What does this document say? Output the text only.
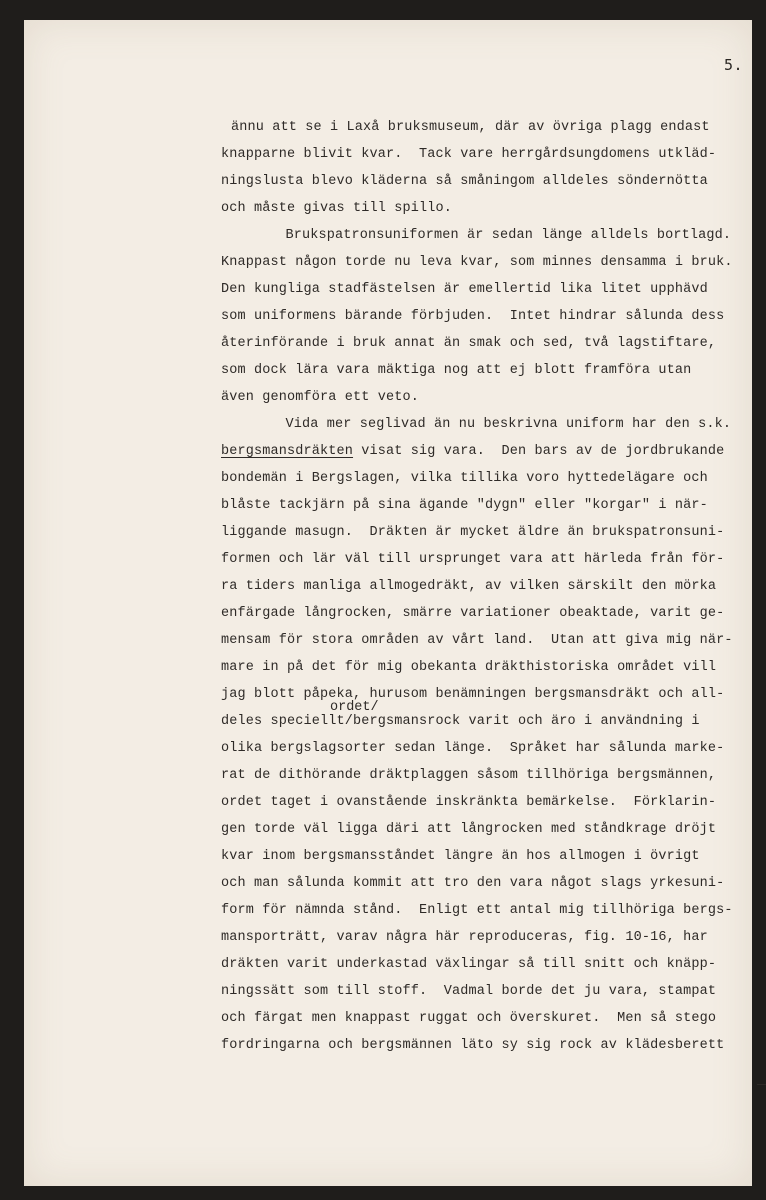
5.
ännu att se i Laxå bruksmuseum, där av övriga plagg endast
knapparne blivit kvar.  Tack vare herrgårdsungdomens utkläd-
ningslusta blevo kläderna så småningom alldeles söndernötta
och måste givas till spillo.
Brukspatronsuniformen är sedan länge alldels bortlagd.
Knappast någon torde nu leva kvar, som minnes densamma i bruk.
Den kungliga stadfästelsen är emellertid lika litet upphävd
som uniformens bärande förbjuden.  Intet hindrar sålunda dess
återinförande i bruk annat än smak och sed, två lagstiftare,
som dock lära vara mäktiga nog att ej blott framföra utan
även genomföra ett veto.
Vida mer seglivad än nu beskrivna uniform har den s.k.
bergsmansdräkten visat sig vara.  Den bars av de jordbrukande
bondemän i Bergslagen, vilka tillika voro hyttedelägare och
blåste tackjärn på sina ägande "dygn" eller "korgar" i när-
liggande masugn.  Dräkten är mycket äldre än brukspatronsuni-
formen och lär väl till ursprunget vara att härleda från för-
ra tiders manliga allmogedräkt, av vilken särskilt den mörka
enfärgade långrocken, smärre variationer obeaktade, varit ge-
mensam för stora områden av vårt land.  Utan att giva mig när-
mare in på det för mig obekanta dräkthistoriska området vill
jag blott påpeka, hurusom benämningen bergsmansdräkt och all-
ordet/
deles speciellt/bergsmansrock varit och äro i användning i
olika bergslagsorter sedan länge.  Språket har sålunda marke-
rat de dithörande dräktplaggen såsom tillhöriga bergsmännen,
ordet taget i ovanstående inskränkta bemärkelse.  Förklarin-
gen torde väl ligga däri att långrocken med ståndkrage dröjt
kvar inom bergsmansståndet längre än hos allmogen i övrigt
och man sålunda kommit att tro den vara något slags yrkesuni-
form för nämnda stånd.  Enligt ett antal mig tillhöriga bergs-
mansporträtt, varav några här reproduceras, fig. 10-16, har
dräkten varit underkastad växlingar så till snitt och knäpp-
ningssätt som till stoff.  Vadmal borde det ju vara, stampat
och färgat men knappast ruggat och överskuret.  Men så stego
fordringarna och bergsmännen läto sy sig rock av klädesberett
